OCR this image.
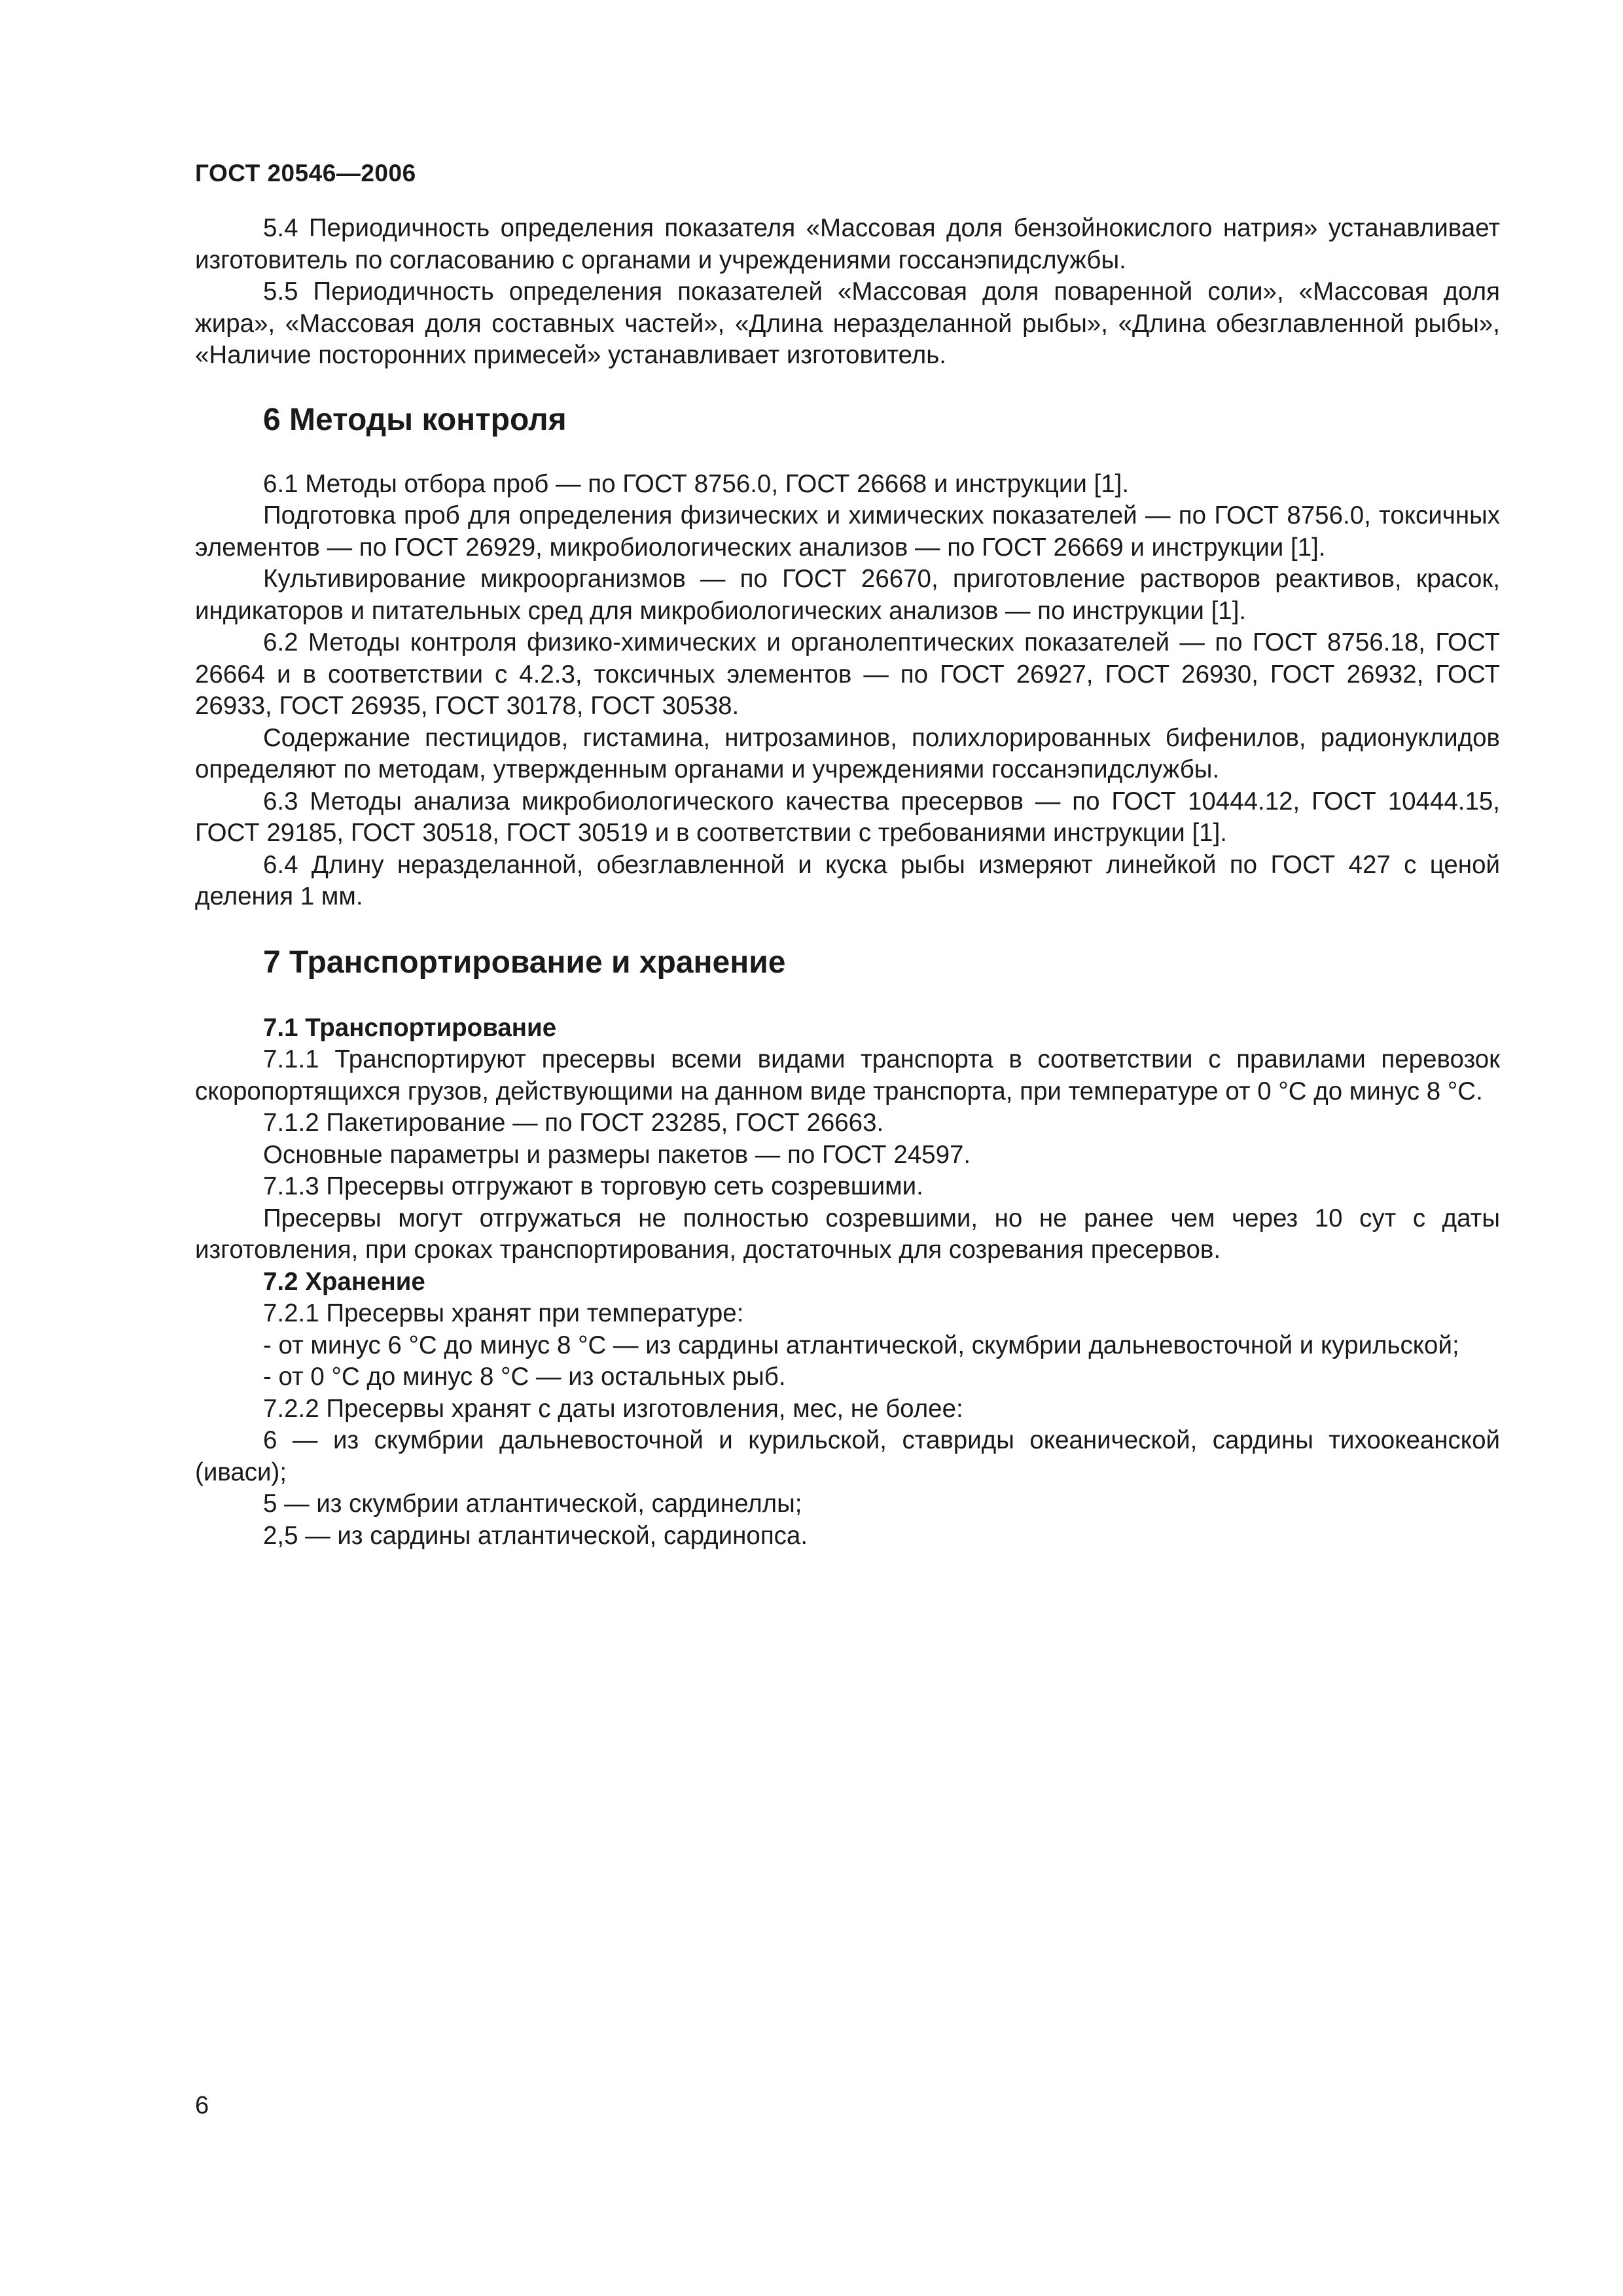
ГОСТ 20546—2006

5.4 Периодичность определения показателя «Массовая доля бензойнокислого натрия» устанавливает изготовитель по согласованию с органами и учреждениями госсанэпидслужбы.

5.5 Периодичность определения показателей «Массовая доля поваренной соли», «Массовая доля жира», «Массовая доля составных частей», «Длина неразделанной рыбы», «Длина обезглавленной рыбы», «Наличие посторонних примесей» устанавливает изготовитель.

6 Методы контроля

6.1 Методы отбора проб — по ГОСТ 8756.0, ГОСТ 26668 и инструкции [1].

Подготовка проб для определения физических и химических показателей — по ГОСТ 8756.0, токсичных элементов — по ГОСТ 26929, микробиологических анализов — по ГОСТ 26669 и инструкции [1].

Культивирование микроорганизмов — по ГОСТ 26670, приготовление растворов реактивов, красок, индикаторов и питательных сред для микробиологических анализов — по инструкции [1].

6.2 Методы контроля физико-химических и органолептических показателей — по ГОСТ 8756.18, ГОСТ 26664 и в соответствии с 4.2.3, токсичных элементов — по ГОСТ 26927, ГОСТ 26930, ГОСТ 26932, ГОСТ 26933, ГОСТ 26935, ГОСТ 30178, ГОСТ 30538.

Содержание пестицидов, гистамина, нитрозаминов, полихлорированных бифенилов, радионуклидов определяют по методам, утвержденным органами и учреждениями госсанэпидслужбы.

6.3 Методы анализа микробиологического качества пресервов — по ГОСТ 10444.12, ГОСТ 10444.15, ГОСТ 29185, ГОСТ 30518, ГОСТ 30519 и в соответствии с требованиями инструкции [1].

6.4 Длину неразделанной, обезглавленной и куска рыбы измеряют линейкой по ГОСТ 427 с ценой деления 1 мм.

7 Транспортирование и хранение
7.1 Транспортирование

7.1.1 Транспортируют пресервы всеми видами транспорта в соответствии с правилами перевозок скоропортящихся грузов, действующими на данном виде транспорта, при температуре от 0 °С до минус 8 °С.

7.1.2 Пакетирование — по ГОСТ 23285, ГОСТ 26663.

Основные параметры и размеры пакетов — по ГОСТ 24597.

7.1.3 Пресервы отгружают в торговую сеть созревшими.

Пресервы могут отгружаться не полностью созревшими, но не ранее чем через 10 сут с даты изготовления, при сроках транспортирования, достаточных для созревания пресервов.

7.2 Хранение

7.2.1 Пресервы хранят при температуре:

- от минус 6 °С до минус 8 °С — из сардины атлантической, скумбрии дальневосточной и курильской;

- от 0 °С до минус 8 °С — из остальных рыб.

7.2.2 Пресервы хранят с даты изготовления, мес, не более:

6 — из скумбрии дальневосточной и курильской, ставриды океанической, сардины тихоокеанской (иваси);

5 — из скумбрии атлантической, сардинеллы;

2,5 — из сардины атлантической, сардинопса.

6
